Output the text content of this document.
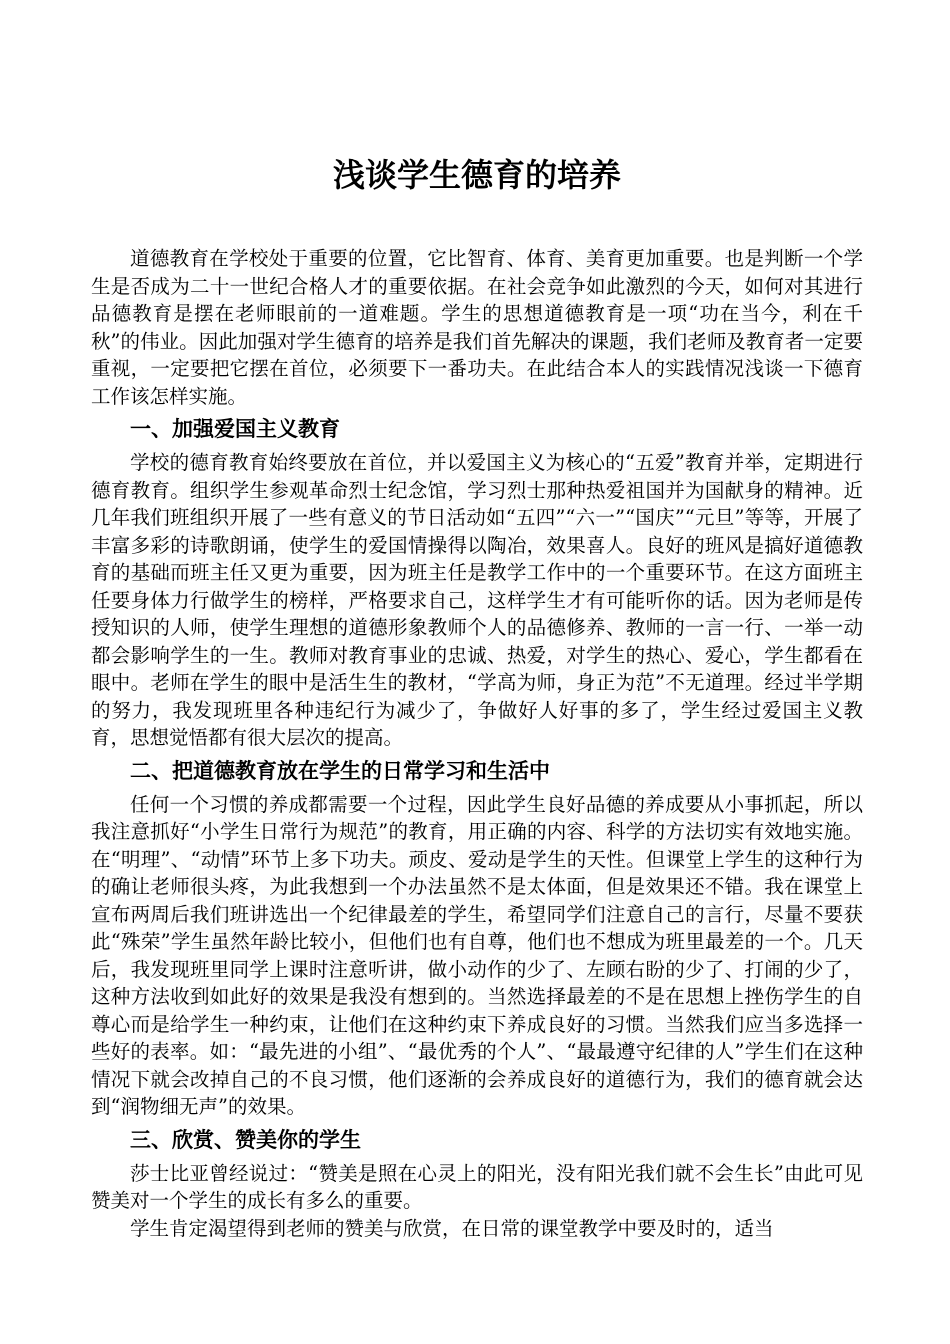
浅谈学生德育的培养

道德教育在学校处于重要的位置，它比智育、体育、美育更加重要。也是判断一个学生是否成为二十一世纪合格人才的重要依据。在社会竞争如此激烈的今天，如何对其进行品德教育是摆在老师眼前的一道难题。学生的思想道德教育是一项“功在当今，利在千秋”的伟业。因此加强对学生德育的培养是我们首先解决的课题，我们老师及教育者一定要重视，一定要把它摆在首位，必须要下一番功夫。在此结合本人的实践情况浅谈一下德育工作该怎样实施。

一、加强爱国主义教育

学校的德育教育始终要放在首位，并以爱国主义为核心的“五爱”教育并举，定期进行德育教育。组织学生参观革命烈士纪念馆，学习烈士那种热爱祖国并为国献身的精神。近几年我们班组织开展了一些有意义的节日活动如“五四”“六一”“国庆”“元旦”等等，开展了丰富多彩的诗歌朗诵，使学生的爱国情操得以陶冶，效果喜人。良好的班风是搞好道德教育的基础而班主任又更为重要，因为班主任是教学工作中的一个重要环节。在这方面班主任要身体力行做学生的榜样，严格要求自己，这样学生才有可能听你的话。因为老师是传授知识的人师，使学生理想的道德形象教师个人的品德修养、教师的一言一行、一举一动都会影响学生的一生。教师对教育事业的忠诚、热爱，对学生的热心、爱心，学生都看在眼中。老师在学生的眼中是活生生的教材，“学高为师，身正为范”不无道理。经过半学期的努力，我发现班里各种违纪行为减少了，争做好人好事的多了，学生经过爱国主义教育，思想觉悟都有很大层次的提高。

二、把道德教育放在学生的日常学习和生活中

任何一个习惯的养成都需要一个过程，因此学生良好品德的养成要从小事抓起，所以我注意抓好“小学生日常行为规范”的教育，用正确的内容、科学的方法切实有效地实施。在“明理”、“动情”环节上多下功夫。顽皮、爱动是学生的天性。但课堂上学生的这种行为的确让老师很头疼，为此我想到一个办法虽然不是太体面，但是效果还不错。我在课堂上宣布两周后我们班讲选出一个纪律最差的学生，希望同学们注意自己的言行，尽量不要获此“殊荣”学生虽然年龄比较小，但他们也有自尊，他们也不想成为班里最差的一个。几天后，我发现班里同学上课时注意听讲，做小动作的少了、左顾右盼的少了、打闹的少了，这种方法收到如此好的效果是我没有想到的。当然选择最差的不是在思想上挫伤学生的自尊心而是给学生一种约束，让他们在这种约束下养成良好的习惯。当然我们应当多选择一些好的表率。如：“最先进的小组”、“最优秀的个人”、“最最遵守纪律的人”学生们在这种情况下就会改掉自己的不良习惯，他们逐渐的会养成良好的道德行为，我们的德育就会达到“润物细无声”的效果。

三、欣赏、赞美你的学生

莎士比亚曾经说过：“赞美是照在心灵上的阳光，没有阳光我们就不会生长”由此可见赞美对一个学生的成长有多么的重要。

学生肯定渴望得到老师的赞美与欣赏，在日常的课堂教学中要及时的，适当
